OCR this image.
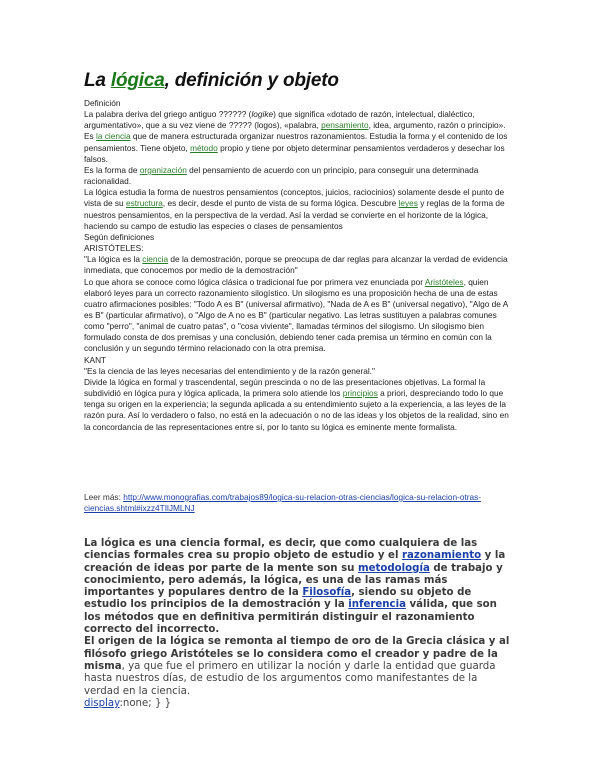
La lógica, definición y objeto

Definición

La palabra deriva del griego antiguo ?????? (logike) que significa «dotado de razón, intelectual, dialéctico, argumentativo», que a su vez viene de ????? (logos), «palabra, pensamiento, idea, argumento, razón o principio».

Es la ciencia que de manera estructurada organizar nuestros razonamientos. Estudia la forma y el contenido de los pensamientos. Tiene objeto, método propio y tiene por objeto determinar pensamientos verdaderos y desechar los falsos.

Es la forma de organización del pensamiento de acuerdo con un principio, para conseguir una determinada racionalidad.

La lógica estudia la forma de nuestros pensamientos (conceptos, juicios, raciocinios) solamente desde el punto de vista de su estructura, es decir, desde el punto de vista de su forma lógica. Descubre leyes y reglas de la forma de nuestros pensamientos, en la perspectiva de la verdad. Así la verdad se convierte en el horizonte de la lógica, haciendo su campo de estudio las especies o clases de pensamientos

Según definiciones

ARISTÓTELES:

"La lógica es la ciencia de la demostración, porque se preocupa de dar reglas para alcanzar la verdad de evidencia inmediata, que conocemos por medio de la demostración"

Lo que ahora se conoce como lógica clásica o tradicional fue por primera vez enunciada por Aristóteles, quien elaboró leyes para un correcto razonamiento silogístico. Un silogismo es una proposición hecha de una de estas cuatro afirmaciones posibles: "Todo A es B" (universal afirmativo), "Nada de A es B" (universal negativo), "Algo de A es B" (particular afirmativo), o "Algo de A no es B" (particular negativo. Las letras sustituyen a palabras comunes como "perro", "animal de cuatro patas", o "cosa viviente", llamadas términos del silogismo. Un silogismo bien formulado consta de dos premisas y una conclusión, debiendo tener cada premisa un término en común con la conclusión y un segundo término relacionado con la otra premisa.

KANT

"Es la ciencia de las leyes necesarias del entendimiento y de la razón general."

Divide la lógica en formal y trascendental, según prescinda o no de las presentaciones objetivas. La formal la subdividió en lógica pura y lógica aplicada, la primera solo atiende los principios a priori, despreciando todo lo que tenga su origen en la experiencia; la segunda aplicada a su entendimiento sujeto a la experiencia, a las leyes de la razón pura. Así lo verdadero o falso, no está en la adecuación o no de las ideas y los objetos de la realidad, sino en la concordancia de las representaciones entre sí, por lo tanto su lógica es eminente mente formalista.

Leer más: http://www.monografias.com/trabajos89/logica-su-relacion-otras-ciencias/logica-su-relacion-otras-ciencias.shtml#ixzz4TIlJMLNJ

La lógica es una ciencia formal, es decir, que como cualquiera de las ciencias formales crea su propio objeto de estudio y el razonamiento y la creación de ideas por parte de la mente son su metodología de trabajo y conocimiento, pero además, la lógica, es una de las ramas más importantes y populares dentro de la Filosofía, siendo su objeto de estudio los principios de la demostración y la inferencia válida, que son los métodos que en definitiva permitirán distinguir el razonamiento correcto del incorrecto.

El origen de la lógica se remonta al tiempo de oro de la Grecia clásica y al filósofo griego Aristóteles se lo considera como el creador y padre de la misma, ya que fue el primero en utilizar la noción y darle la entidad que guarda hasta nuestros días, de estudio de los argumentos como manifestantes de la verdad en la ciencia.

display:none; } }
